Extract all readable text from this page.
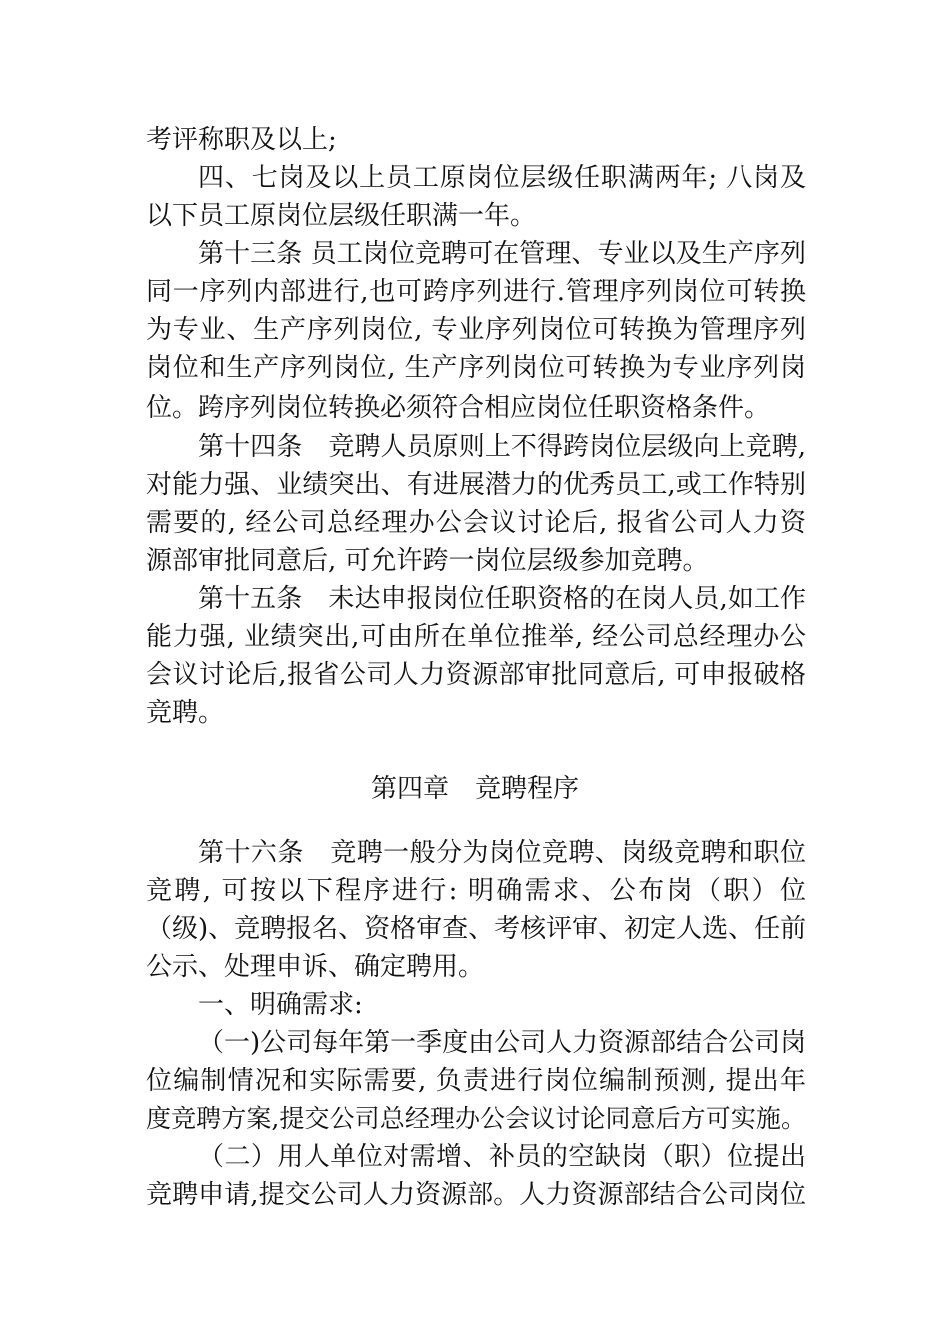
考评称职及以上;
四、七岗及以上员工原岗位层级任职满两年; 八岗及
以下员工原岗位层级任职满一年。
第十三条 员工岗位竞聘可在管理、专业以及生产序列
同一序列内部进行,也可跨序列进行.管理序列岗位可转换
为专业、生产序列岗位, 专业序列岗位可转换为管理序列
岗位和生产序列岗位, 生产序列岗位可转换为专业序列岗
位。跨序列岗位转换必须符合相应岗位任职资格条件。
第十四条　竞聘人员原则上不得跨岗位层级向上竞聘,
对能力强、业绩突出、有进展潜力的优秀员工,或工作特别
需要的, 经公司总经理办公会议讨论后, 报省公司人力资
源部审批同意后, 可允许跨一岗位层级参加竞聘。
第十五条　未达申报岗位任职资格的在岗人员,如工作
能力强, 业绩突出,可由所在单位推举, 经公司总经理办公
会议讨论后,报省公司人力资源部审批同意后, 可申报破格
竞聘。
第四章　竞聘程序
第十六条　竞聘一般分为岗位竞聘、岗级竞聘和职位
竞聘, 可按以下程序进行: 明确需求、公布岗（职）位
（级)、竞聘报名、资格审查、考核评审、初定人选、任前
公示、处理申诉、确定聘用。
一、明确需求:
（一)公司每年第一季度由公司人力资源部结合公司岗
位编制情况和实际需要, 负责进行岗位编制预测, 提出年
度竞聘方案,提交公司总经理办公会议讨论同意后方可实施。
（二）用人单位对需增、补员的空缺岗（职）位提出
竞聘申请,提交公司人力资源部。人力资源部结合公司岗位
